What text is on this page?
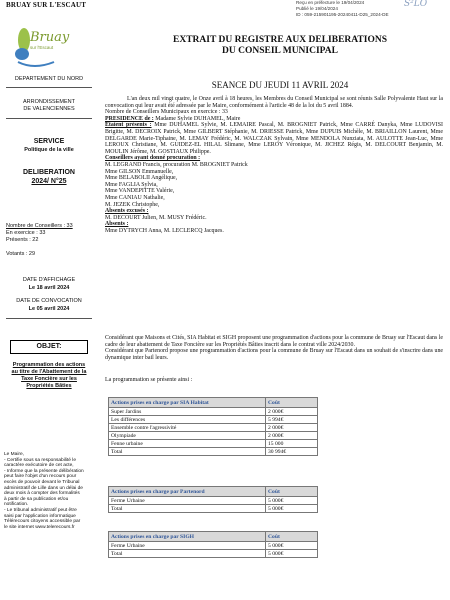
BRUAY SUR L'ESCAUT	Reçu en préfecture le 19/04/2024
Publié le 19/04/2024
ID : 059-215901195-20240411-D25_2024-DE
S²LO
Bruay
sur l'Escaut
DEPARTEMENT DU NORD
ARRONDISSEMENT
DE VALENCIENNES
SERVICE
Politique de la ville
DELIBERATION
2024/ N°25
Nombre de Conseillers : 33
En exercice : 33
Présents : 22
Votants : 29
DATE D'AFFICHAGE
Le 18 avril 2024
DATE DE CONVOCATION
Le 05 avril 2024
OBJET:
Programmation des actions
au titre de l'Abattement de la
Taxe Foncière sur les
Propriétés Bâties
Le Maire,
- Certifie sous sa responsabilité le
caractère exécutoire de cet acte,
- Informe que la présente délibération
peut faire l'objet d'un recours pour
excès de pouvoir devant le Tribunal
administratif de Lille dans un délai de
deux mois à compter des formalités
à partir de sa publication et/ou
notification.
- Le tribunal administratif peut être
saisi par l'application informatique
Télérecours citoyens accessible par
le site internet www.telerecours.fr
EXTRAIT DU REGISTRE AUX DELIBERATIONS
DU CONSEIL MUNICIPAL
SEANCE DU JEUDI 11 AVRIL 2024
L'an deux mil vingt quatre, le Onze avril à 18 heures, les Membres du Conseil Municipal se sont réunis Salle Polyvalente Haut sur la convocation qui leur avait été adressée par le Maire, conformément à l'article 48 de la loi du 5 avril 1884.
Nombre de Conseillers Municipaux en exercice : 33
PRESIDENCE de : Madame Sylvie DUHAMEL, Maire
Etaient présents : Mme DUHAMEL Sylvie, M. LEMAIRE Pascal, M. BROGNIET Patrick, Mme CARRÉ Danyka, Mme LUDOVISI Brigitte, M. DECROIX Patrick, Mme GILBERT Stéphanie, M. DRIESSE Patrick, Mme DUPUIS Michèle, M. BRIAILLON Laurent, Mme DELGARDE Marie-Tiphaine, M. LEMAY Frédéric, M. WALCZAK Sylvain, Mme MENDOLA Nunziata, M. AULOTTE Jean-Luc, Mme LEROUX Christiane, M. GUIDEZ-EL HILAL Slimane, Mme LEROY Véronique, M. JICHEZ Régis, M. DELCOURT Benjamin, M. MOULIN Jérôme, M. GOSTIAUX Philippe.
Conseillers ayant donné procuration :
M. LEGRAND Francis, procuration M. BROGNIET Patrick
Mme GILSON Emmanuelle,
Mme BELABOLII Angélique,
Mme FAGLIA Sylvia,
Mme VANDEPITTE Valérie,
Mme CANIAU Nathalie,
M. JEZEK Christophe,
Absents excusés :
M. DECOURT Julien, M. MUSY Frédéric.
Absents :
Mme DYTRYCH Anna, M. LECLERCQ Jacques.
Considérant que Maisons et Cités, SIA Habitat et SIGH proposent une programmation d'actions pour la commune de Bruay sur l'Escaut dans le cadre de leur abattement de Taxe Foncière sur les Propriétés Bâties inscrit dans le contrat ville 2024/2030.
Considérant que Partenord propose une programmation d'actions pour la commune de Bruay sur l'Escaut dans un souhait de s'inscrire dans une dynamique inter bail leurs.
La programmation se présente ainsi :
Actions prises en charge par SIA Habitat	Coût
Super Jardins	2 000€
Les différences	5 994€
Ensemble contre l'agressivité	2 000€
Olympiade	2 000€
Fenne urbaine	15 000
Total	30 994€
Actions prises en charge par Partenord	Coût
Ferme Urbaine	5 000€
Total	5 000€
Actions prises en charge par SIGH	Coût
Ferme Urbaine	5 000€
Total	5 000€
